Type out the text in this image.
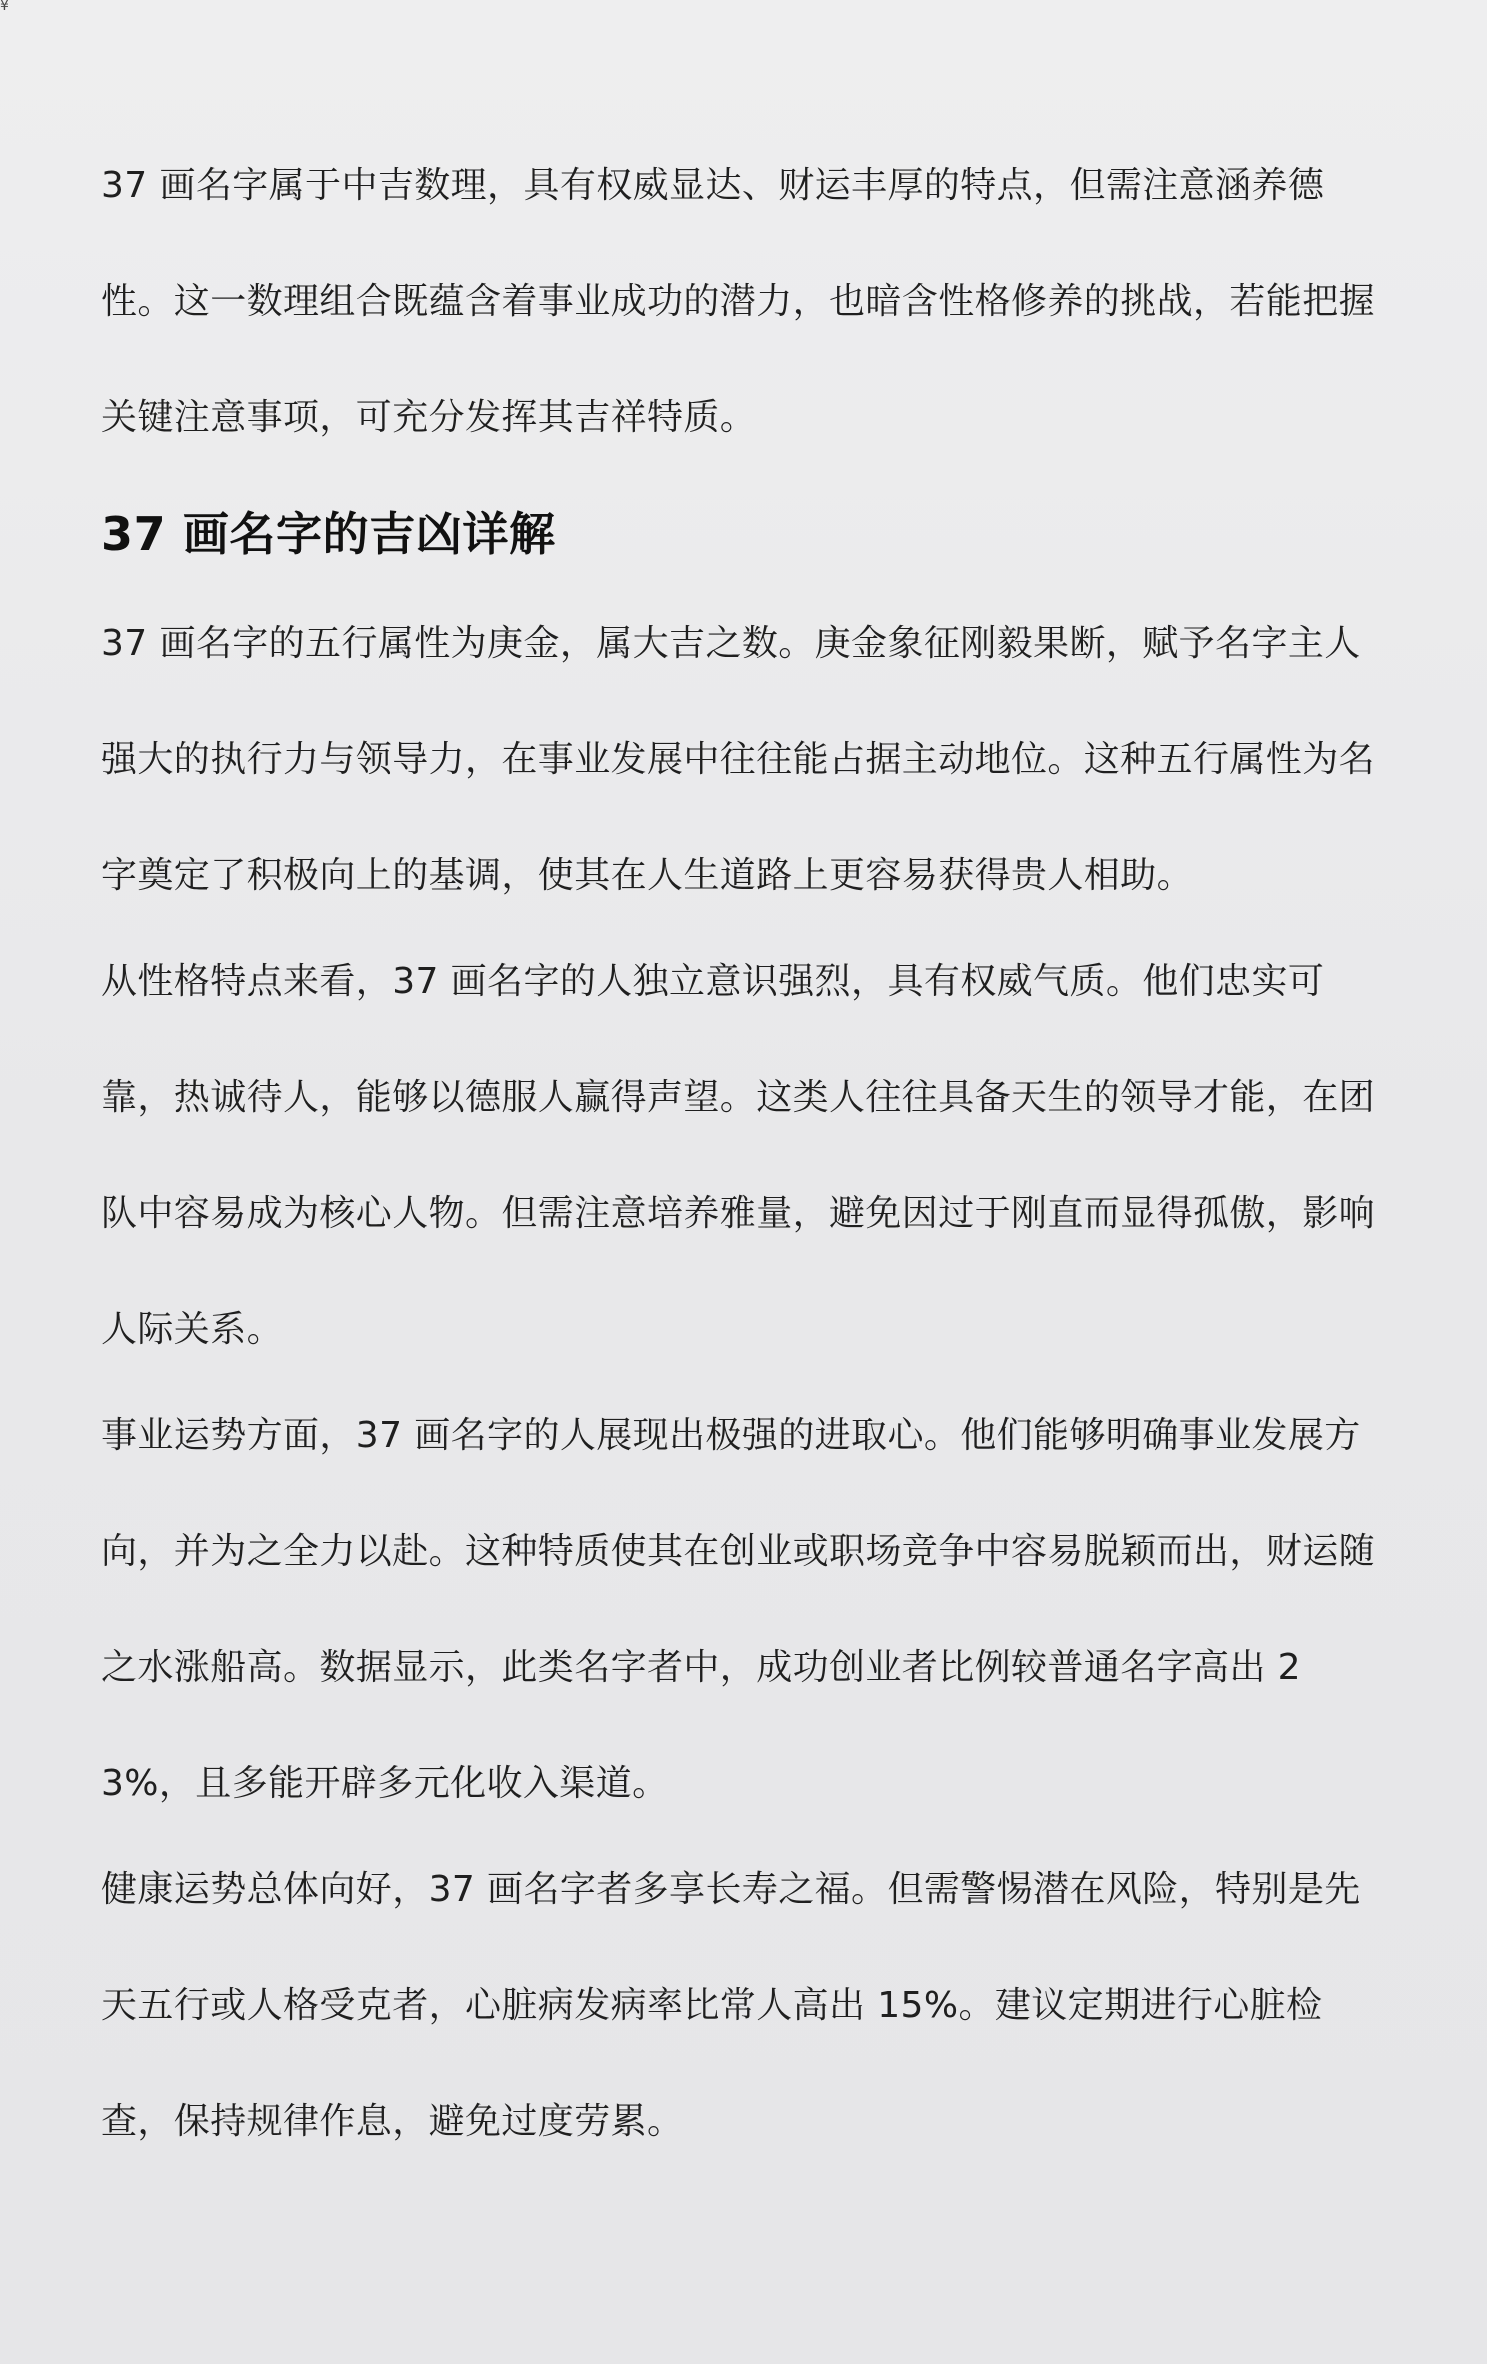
¥

37 画名字属于中吉数理，具有权威显达、财运丰厚的特点，但需注意涵养德性。这一数理组合既蕴含着事业成功的潜力，也暗含性格修养的挑战，若能把握关键注意事项，可充分发挥其吉祥特质。

37 画名字的吉凶详解

37 画名字的五行属性为庚金，属大吉之数。庚金象征刚毅果断，赋予名字主人强大的执行力与领导力，在事业发展中往往能占据主动地位。这种五行属性为名字奠定了积极向上的基调，使其在人生道路上更容易获得贵人相助。

从性格特点来看，37 画名字的人独立意识强烈，具有权威气质。他们忠实可靠，热诚待人，能够以德服人赢得声望。这类人往往具备天生的领导才能，在团队中容易成为核心人物。但需注意培养雅量，避免因过于刚直而显得孤傲，影响人际关系。

事业运势方面，37 画名字的人展现出极强的进取心。他们能够明确事业发展方向，并为之全力以赴。这种特质使其在创业或职场竞争中容易脱颖而出，财运随之水涨船高。数据显示，此类名字者中，成功创业者比例较普通名字高出 23%，且多能开辟多元化收入渠道。

健康运势总体向好，37 画名字者多享长寿之福。但需警惕潜在风险，特别是先天五行或人格受克者，心脏病发病率比常人高出 15%。建议定期进行心脏检查，保持规律作息，避免过度劳累。
